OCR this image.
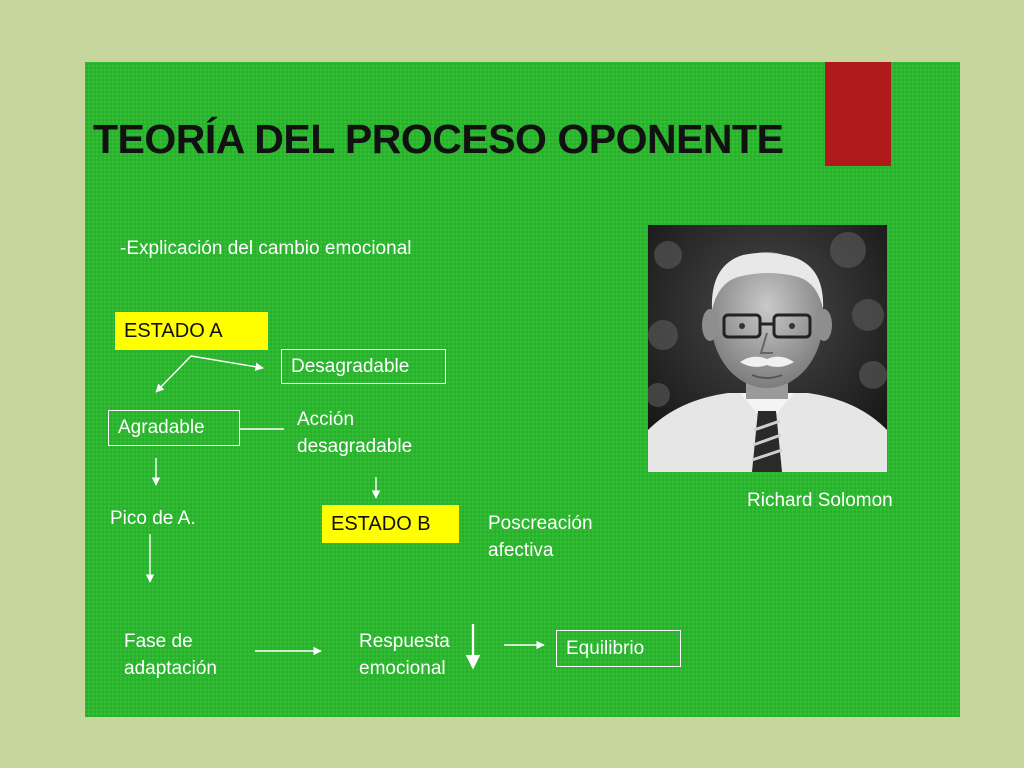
TEORÍA DEL PROCESO OPONENTE
-Explicación del cambio emocional
ESTADO A
Desagradable
Agradable	Acción
desagradable
Pico de A.	ESTADO B	Poscreación
afectiva
Fase de
adaptación
Respuesta
emocional
Equilibrio
Richard Solomon
